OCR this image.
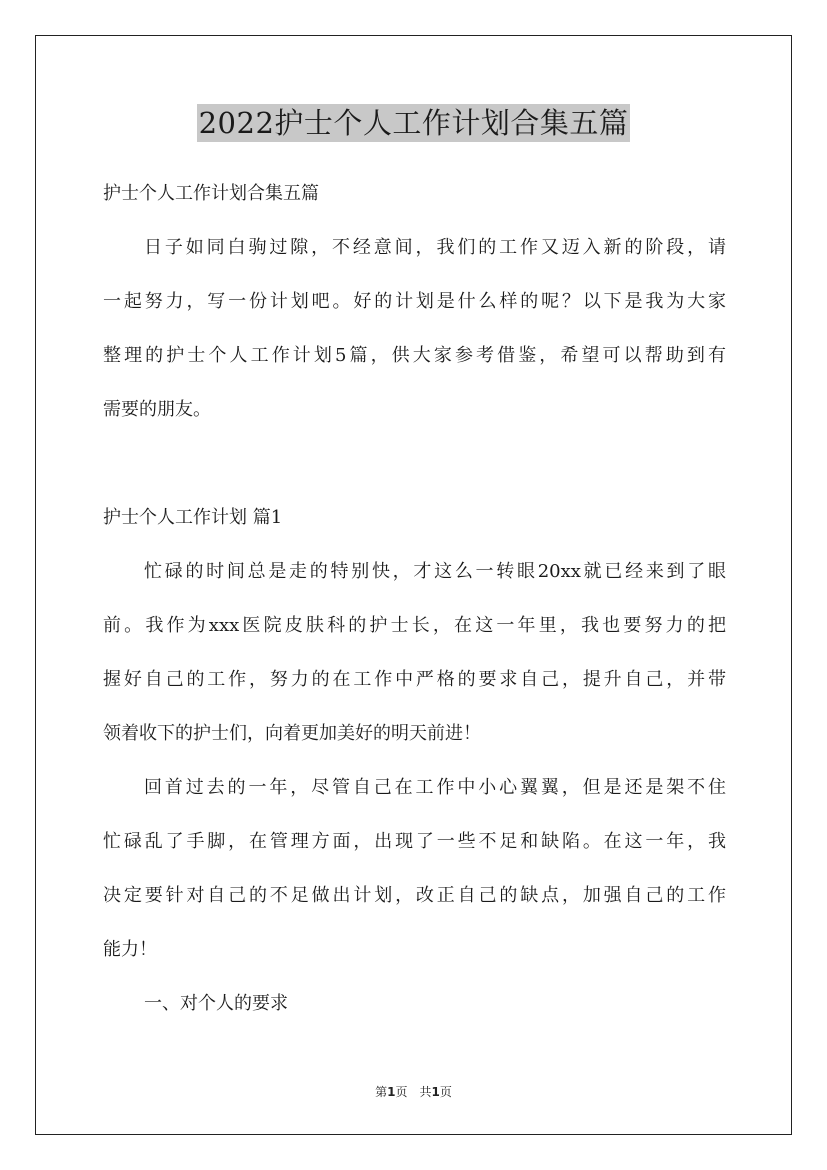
2022护士个人工作计划合集五篇
护士个人工作计划合集五篇
日子如同白驹过隙，不经意间，我们的工作又迈入新的阶段，请
一起努力，写一份计划吧。好的计划是什么样的呢？以下是我为大家
整理的护士个人工作计划5篇，供大家参考借鉴，希望可以帮助到有
需要的朋友。
护士个人工作计划 篇1
忙碌的时间总是走的特别快，才这么一转眼20xx就已经来到了眼
前。我作为xxx医院皮肤科的护士长，在这一年里，我也要努力的把
握好自己的工作，努力的在工作中严格的要求自己，提升自己，并带
领着收下的护士们，向着更加美好的明天前进！
回首过去的一年，尽管自己在工作中小心翼翼，但是还是架不住
忙碌乱了手脚，在管理方面，出现了一些不足和缺陷。在这一年，我
决定要针对自己的不足做出计划，改正自己的缺点，加强自己的工作
能力！
一、对个人的要求
第1页 共1页
